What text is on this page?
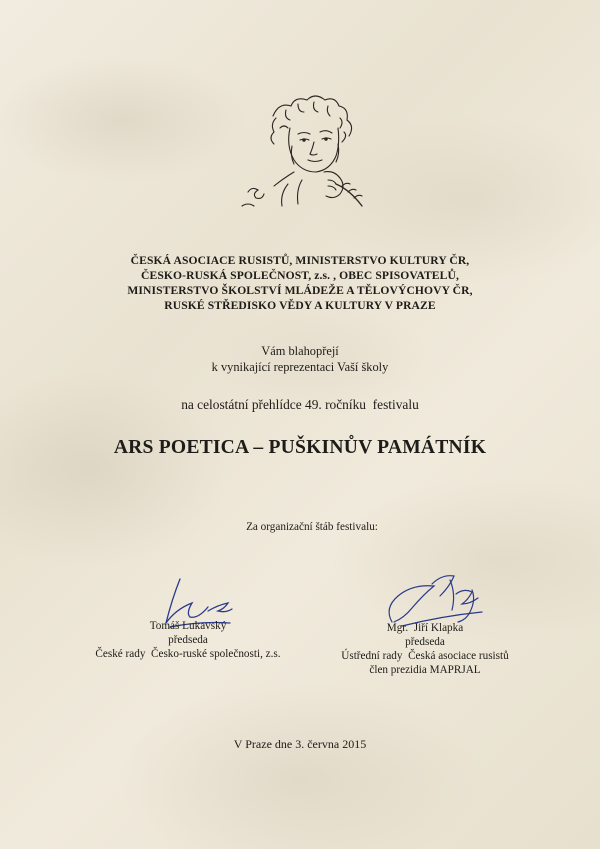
ČESKÁ ASOCIACE RUSISTŮ, MINISTERSTVO KULTURY ČR,
ČESKO-RUSKÁ SPOLEČNOST, z.s. , OBEC SPISOVATELŮ,
MINISTERSTVO ŠKOLSTVÍ MLÁDEŽE A TĚLOVÝCHOVY ČR,
RUSKÉ STŘEDISKO VĚDY A KULTURY V PRAZE
Vám blahopřejí
k vynikající reprezentaci Vaší školy
na celostátní přehlídce 49. ročníku  festivalu
ARS POETICA – PUŠKINŮV PAMÁTNÍK
Za organizační štáb festivalu:
Tomáš Lukavský
předseda
České rady  Česko-ruské společnosti, z.s.
Mgr.  Jiří Klapka
předseda
Ústřední rady  Česká asociace rusistů
člen prezidia MAPRJAL
V Praze dne 3. června 2015
